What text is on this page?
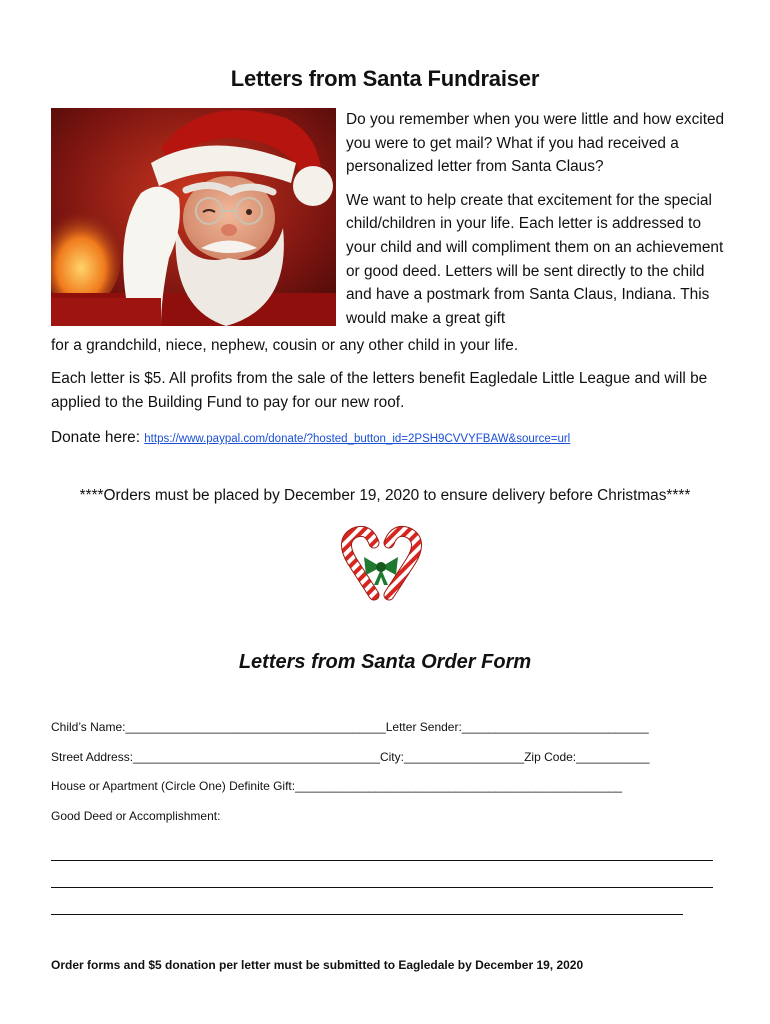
Letters from Santa Fundraiser

Do you remember when you were little and how excited you were to get mail? What if you had received a personalized letter from Santa Claus?

We want to help create that excitement for the special child/children in your life. Each letter is addressed to your child and will compliment them on an achievement or good deed. Letters will be sent directly to the child and have a postmark from Santa Claus, Indiana. This would make a great gift

for a grandchild, niece, nephew, cousin or any other child in your life.
Each letter is $5. All profits from the sale of the letters benefit Eagledale Little League and will be applied to the Building Fund to pay for our new roof.
Donate here: https://www.paypal.com/donate/?hosted_button_id=2PSH9CVVYFBAW&source=url
****Orders must be placed by December 19, 2020 to ensure delivery before Christmas****
Letters from Santa Order Form
Child’s Name:_______________________________________Letter Sender:____________________________
Street Address:_____________________________________City:__________________Zip Code:___________
House or Apartment (Circle One) Definite Gift:_________________________________________________
Good Deed or Accomplishment:
Order forms and $5 donation per letter must be submitted to Eagledale by December 19, 2020
